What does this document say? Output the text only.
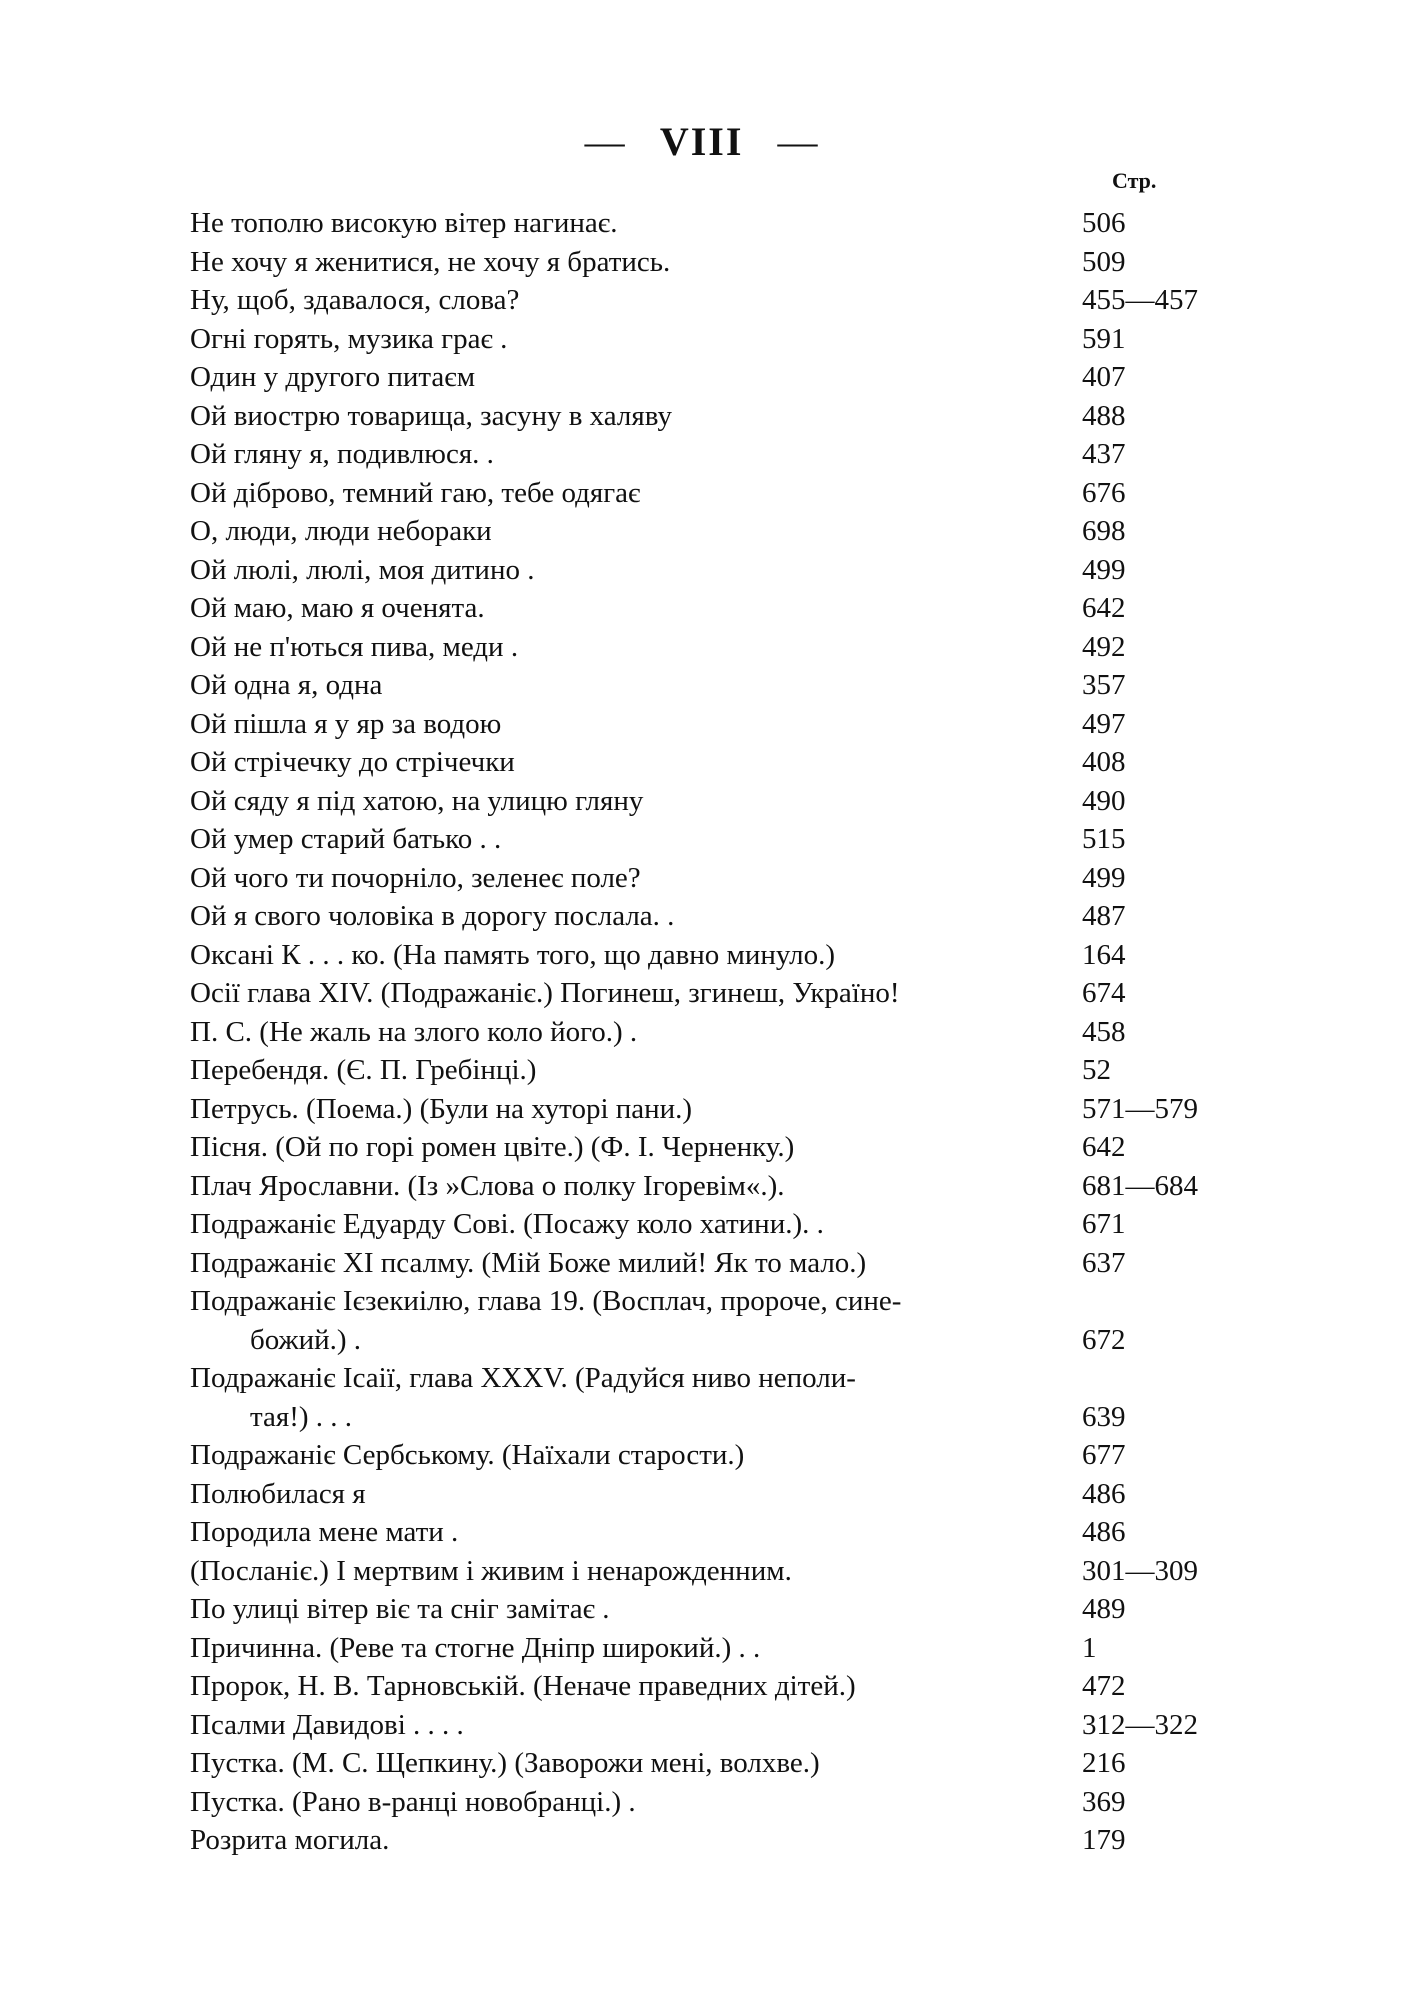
— VIII —
Стр.
Не тополю високую вітер нагинає.	506
Не хочу я женитися, не хочу я братись.	509
Ну, щоб, здавалося, слова?	455—457
Огні горять, музика грає .	591
Один у другого питаєм	407
Ой виострю товарища, засуну в халяву	488
Ой гляну я, подивлюся. .	437
Ой діброво, темний гаю, тебе одягає	676
О, люди, люди небораки	698
Ой люлі, люлі, моя дитино .	499
Ой маю, маю я оченята.	642
Ой не п'ються пива, меди .	492
Ой одна я, одна	357
Ой пішла я у яр за водою	497
Ой стрічечку до стрічечки	408
Ой сяду я під хатою, на улицю гляну	490
Ой умер старий батько . .	515
Ой чого ти почорніло, зеленеє поле?	499
Ой я свого чоловіка в дорогу послала. .	487
Оксані К . . . ко. (На память того, що давно минуло.)	164
Осії глава XIV. (Подражаніє.) Погинеш, згинеш, Україно!	674
П. С. (Не жаль на злого коло його.) .	458
Перебендя. (Є. П. Гребінці.)	52
Петрусь. (Поема.) (Були на хуторі пани.)	571—579
Пісня. (Ой по горі ромен цвіте.) (Ф. І. Черненку.)	642
Плач Ярославни. (Із »Слова о полку Ігоревім«.).	681—684
Подражаніє Едуарду Сові. (Посажу коло хатини.). .	671
Подражаніє XI псалму. (Мій Боже милий! Як то мало.)	637
Подражаніє Ієзекиілю, глава 19. (Восплач, пророче, сине-
божий.) .	672
Подражаніє Ісаії, глава XXXV. (Радуйся ниво неполи-
тая!) . . .	639
Подражаніє Сербському. (Наїхали старости.)	677
Полюбилася я	486
Породила мене мати .	486
(Посланіє.) І мертвим і живим і ненарожденним.	301—309
По улиці вітер віє та сніг замітає .	489
Причинна. (Реве та стогне Дніпр широкий.) . .	1
Пророк, Н. В. Тарновській. (Неначе праведних дітей.)	472
Псалми Давидові . . . .	312—322
Пустка. (М. С. Щепкину.) (Заворожи мені, волхве.)	216
Пустка. (Рано в-ранці новобранці.) .	369
Розрита могила.	179
